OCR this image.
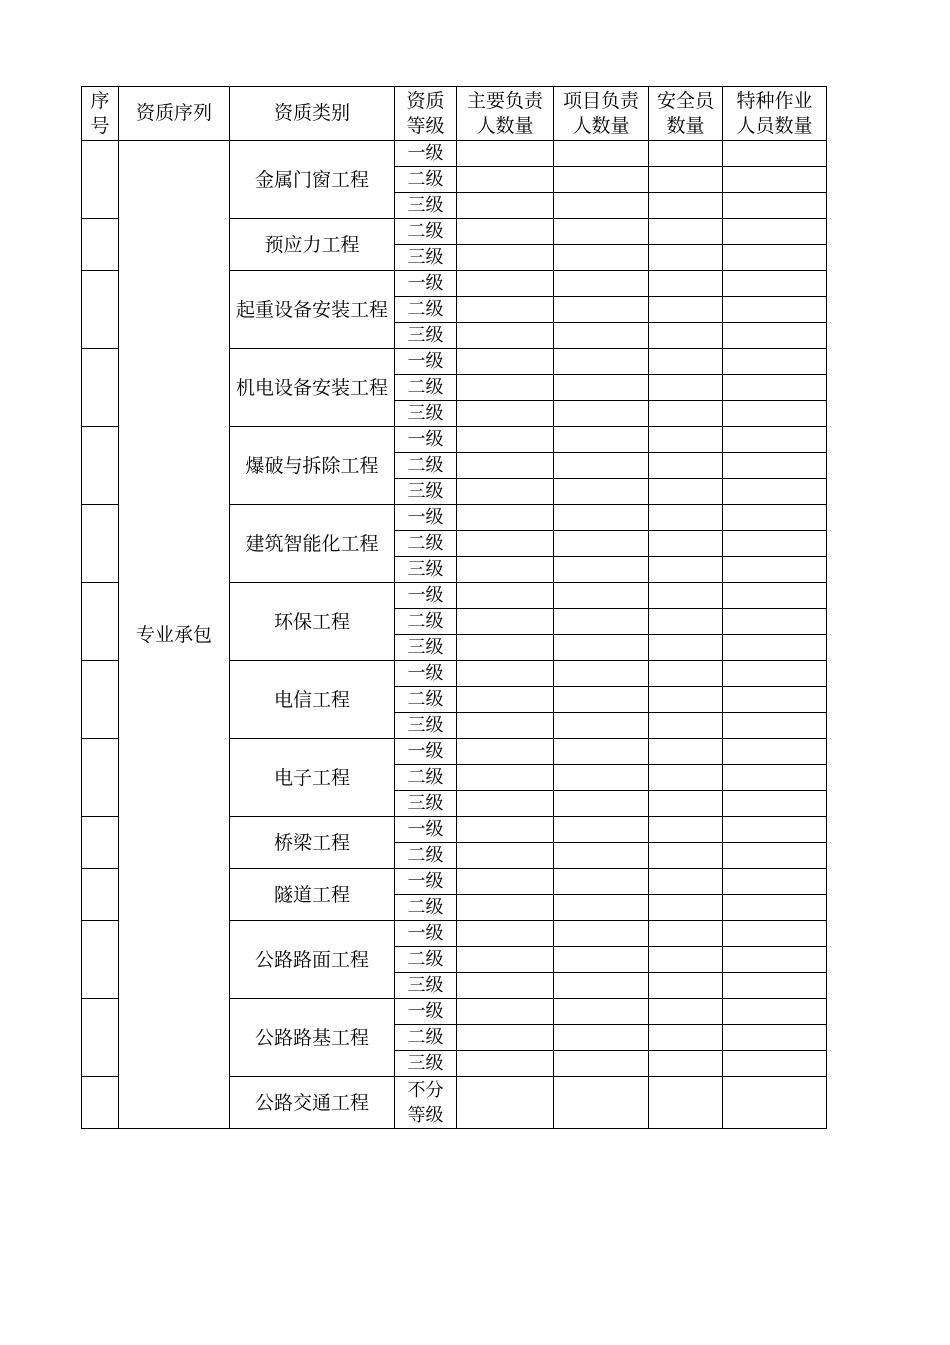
序号	资质序列	资质类别	资质等级	主要负责人数量	项目负责人数量	安全员数量	特种作业人员数量
	专业承包	金属门窗工程	一级				
			二级				
			三级				
		预应力工程	二级				
			三级				
		起重设备安装工程	一级				
			二级				
			三级				
		机电设备安装工程	一级				
			二级				
			三级				
		爆破与拆除工程	一级				
			二级				
			三级				
		建筑智能化工程	一级				
			二级				
			三级				
		环保工程	一级				
			二级				
			三级				
		电信工程	一级				
			二级				
			三级				
		电子工程	一级				
			二级				
			三级				
		桥梁工程	一级				
			二级				
		隧道工程	一级				
			二级				
		公路路面工程	一级				
			二级				
			三级				
		公路路基工程	一级				
			二级				
			三级				
		公路交通工程	不分等级				
